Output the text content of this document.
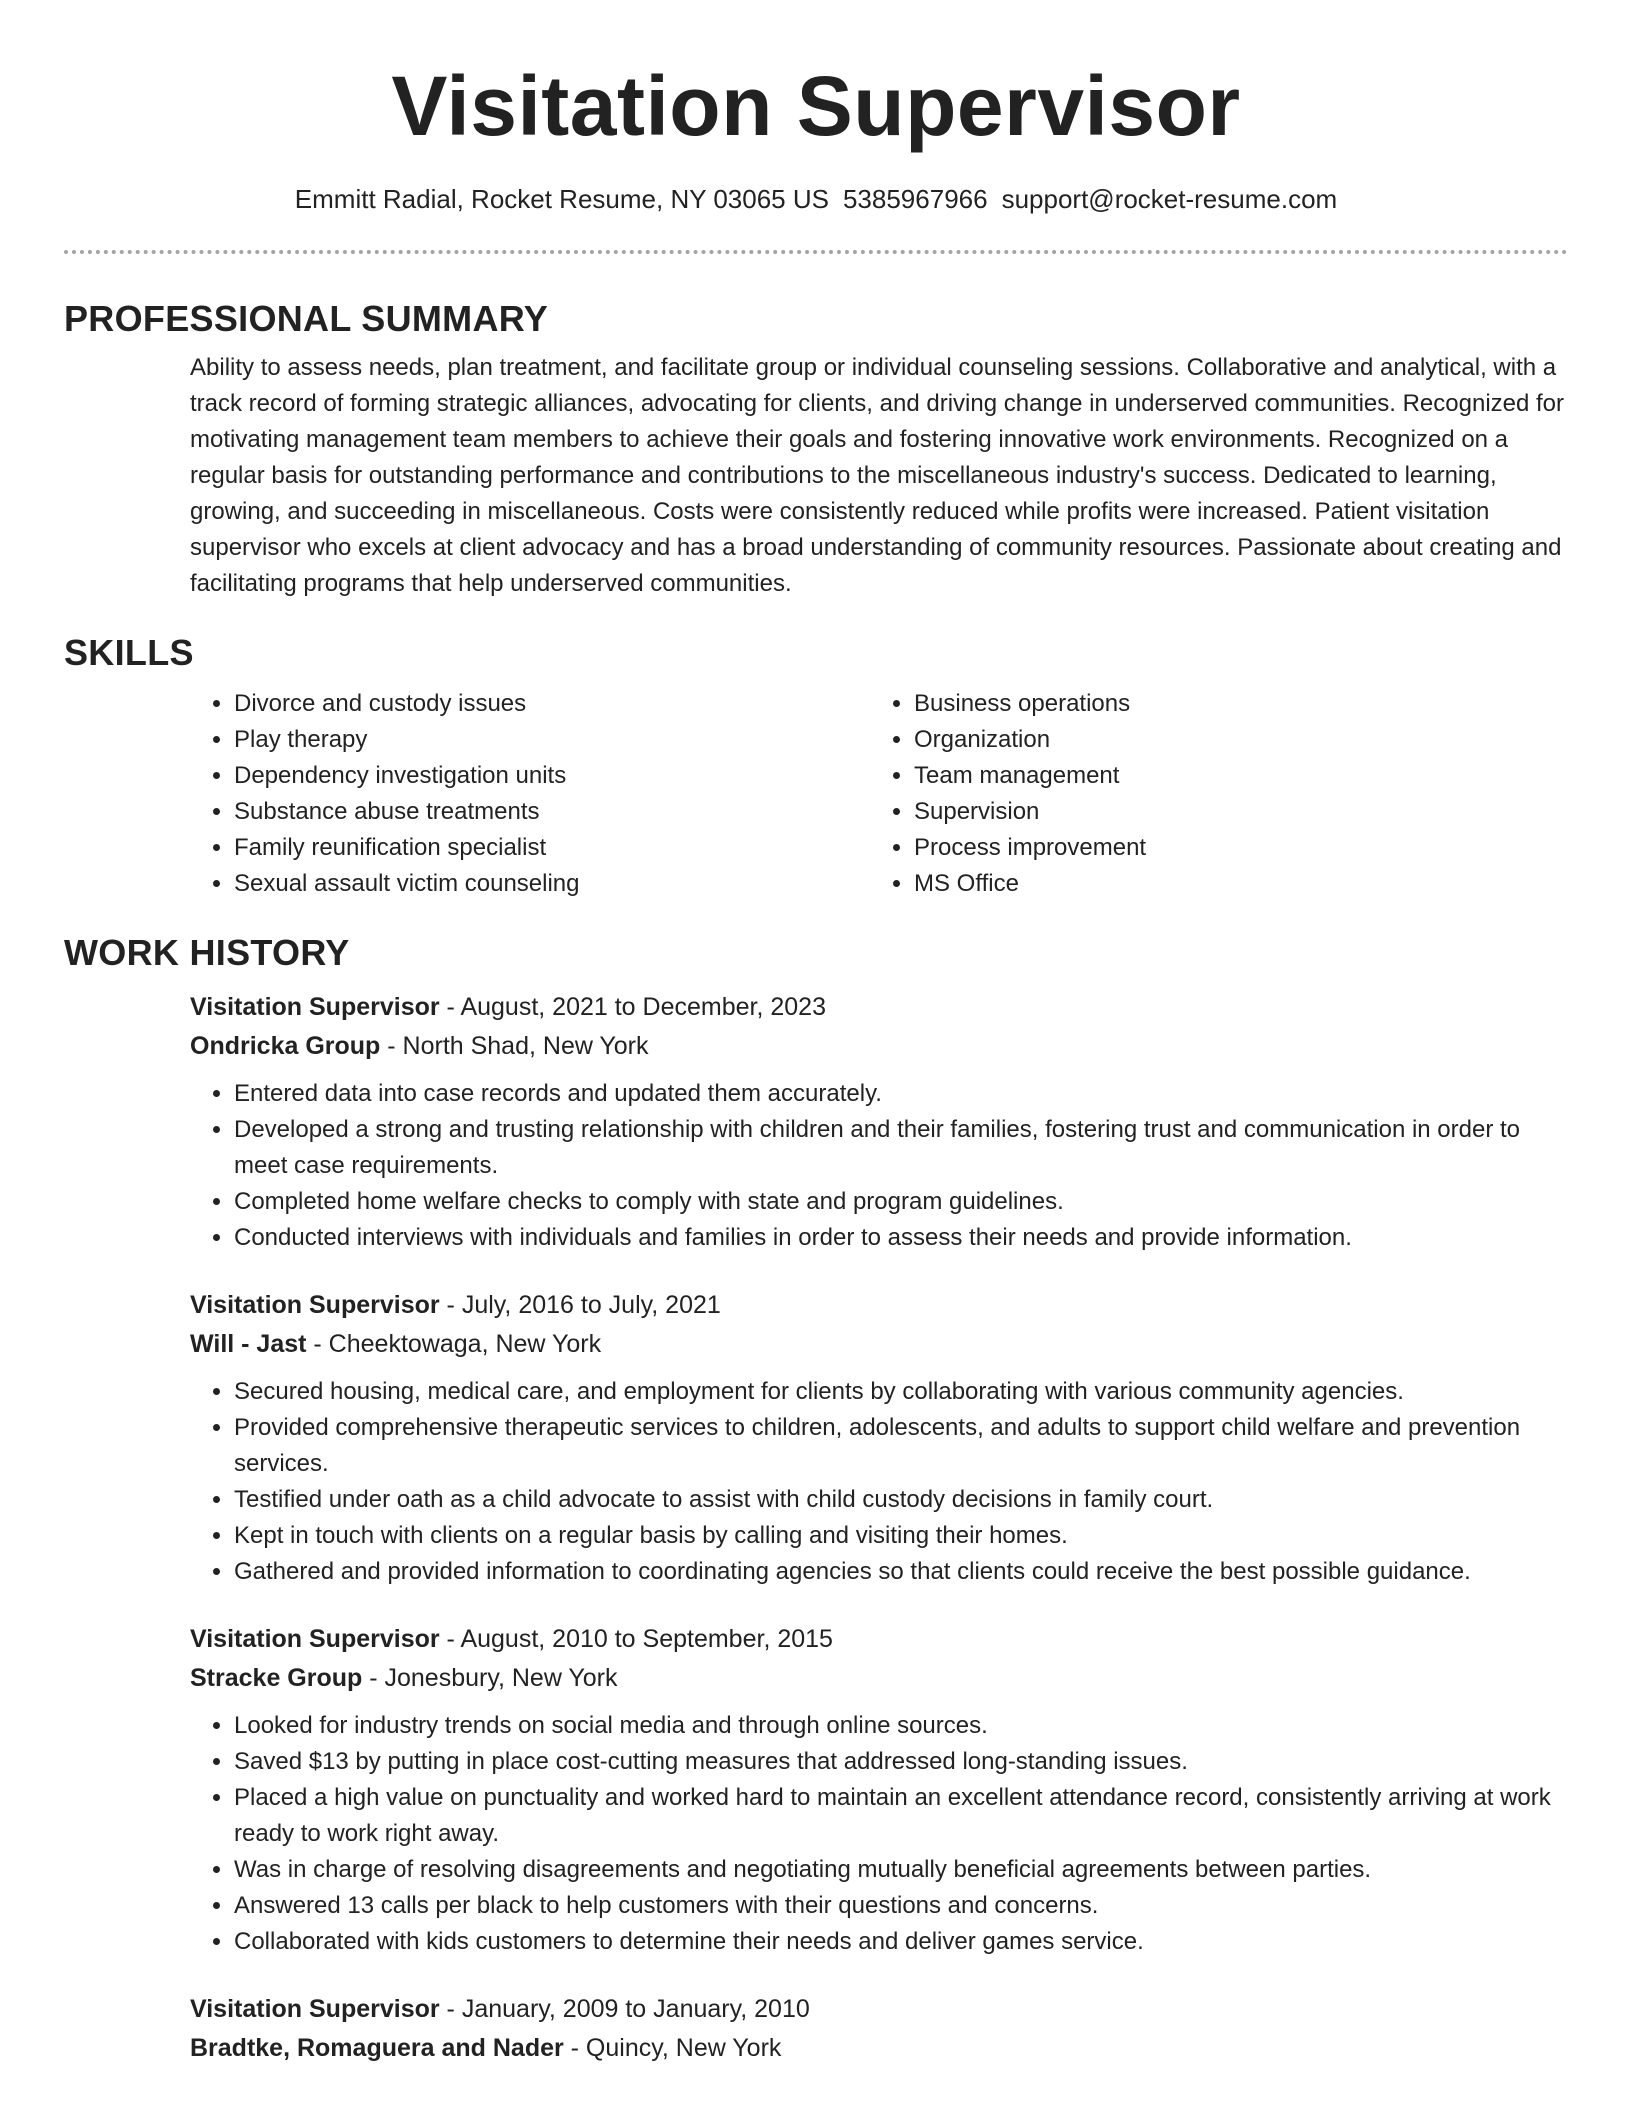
Visitation Supervisor
Emmitt Radial, Rocket Resume, NY 03065 US 5385967966 support@rocket-resume.com
PROFESSIONAL SUMMARY
Ability to assess needs, plan treatment, and facilitate group or individual counseling sessions. Collaborative and analytical, with a track record of forming strategic alliances, advocating for clients, and driving change in underserved communities. Recognized for motivating management team members to achieve their goals and fostering innovative work environments. Recognized on a regular basis for outstanding performance and contributions to the miscellaneous industry's success. Dedicated to learning, growing, and succeeding in miscellaneous. Costs were consistently reduced while profits were increased. Patient visitation supervisor who excels at client advocacy and has a broad understanding of community resources. Passionate about creating and facilitating programs that help underserved communities.
SKILLS
• Divorce and custody issues
• Play therapy
• Dependency investigation units
• Substance abuse treatments
• Family reunification specialist
• Sexual assault victim counseling
• Business operations
• Organization
• Team management
• Supervision
• Process improvement
• MS Office
WORK HISTORY
Visitation Supervisor - August, 2021 to December, 2023
Ondricka Group - North Shad, New York
• Entered data into case records and updated them accurately.
• Developed a strong and trusting relationship with children and their families, fostering trust and communication in order to meet case requirements.
• Completed home welfare checks to comply with state and program guidelines.
• Conducted interviews with individuals and families in order to assess their needs and provide information.
Visitation Supervisor - July, 2016 to July, 2021
Will - Jast - Cheektowaga, New York
• Secured housing, medical care, and employment for clients by collaborating with various community agencies.
• Provided comprehensive therapeutic services to children, adolescents, and adults to support child welfare and prevention services.
• Testified under oath as a child advocate to assist with child custody decisions in family court.
• Kept in touch with clients on a regular basis by calling and visiting their homes.
• Gathered and provided information to coordinating agencies so that clients could receive the best possible guidance.
Visitation Supervisor - August, 2010 to September, 2015
Stracke Group - Jonesbury, New York
• Looked for industry trends on social media and through online sources.
• Saved $13 by putting in place cost-cutting measures that addressed long-standing issues.
• Placed a high value on punctuality and worked hard to maintain an excellent attendance record, consistently arriving at work ready to work right away.
• Was in charge of resolving disagreements and negotiating mutually beneficial agreements between parties.
• Answered 13 calls per black to help customers with their questions and concerns.
• Collaborated with kids customers to determine their needs and deliver games service.
Visitation Supervisor - January, 2009 to January, 2010
Bradtke, Romaguera and Nader - Quincy, New York
